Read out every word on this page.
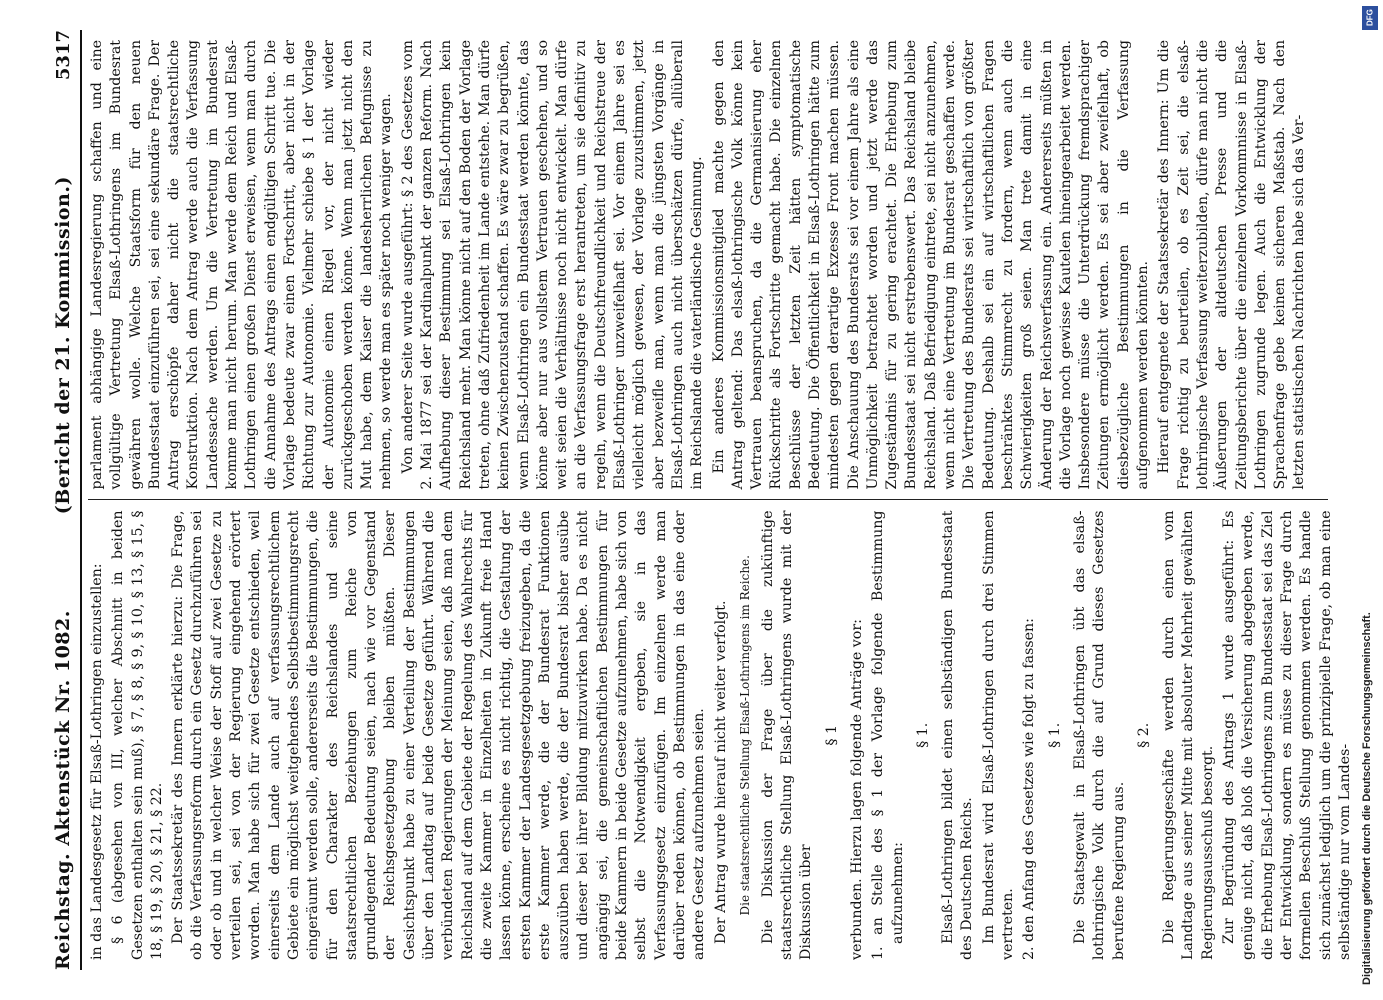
Reichstag. Aktenstück Nr. 1082.
(Bericht der 21. Kommission.)
5317

in das Landesgesetz für Elsaß-Lothringen einzustellen: § 6 (abgesehen von III, welcher Abschnitt in beiden Gesetzen enthalten sein muß), § 7, § 8, § 9, § 10, § 13, § 15, § 18, § 19, § 20, § 21, § 22. Der Staatssekretär des Innern erklärte hierzu: Die Frage, ob die Verfassungsreform durch ein Gesetz durchzuführen sei oder ob und in welcher Weise der Stoff auf zwei Gesetze zu verteilen sei, sei von der Regierung eingehend erörtert worden. Man habe sich für zwei Gesetze entschieden, weil einerseits dem Lande auch auf verfassungsrechtlichem Gebiete ein möglichst weitgehendes Selbstbestimmungsrecht eingeräumt werden solle, andererseits die Bestimmungen, die für den Charakter des Reichslandes und seine staatsrechtlichen Beziehungen zum Reiche von grundlegender Bedeutung seien, nach wie vor Gegenstand der Reichsgesetzgebung bleiben müßten. Dieser Gesichtspunkt habe zu einer Verteilung der Bestimmungen über den Landtag auf beide Gesetze geführt. Während die verbündeten Regierungen der Meinung seien, daß man dem Reichsland auf dem Gebiete der Regelung des Wahlrechts für die zweite Kammer in Einzelheiten in Zukunft freie Hand lassen könne, erscheine es nicht richtig, die Gestaltung der ersten Kammer der Landesgesetzgebung freizugeben, da die erste Kammer werde, die der Bundesrat Funktionen auszuüben haben werde, die der Bundesrat bisher ausübe und dieser bei ihrer Bildung mitzuwirken habe. Da es nicht angängig sei, die gemeinschaftlichen Bestimmungen für beide Kammern in beide Gesetze aufzunehmen, habe sich von selbst die Notwendigkeit ergeben, sie in das Verfassungsgesetz einzufügen. Im einzelnen werde man darüber reden können, ob Bestimmungen in das eine oder andere Gesetz aufzunehmen seien. Der Antrag wurde hierauf nicht weiter verfolgt. Die staatsrechtliche Stellung Elsaß-Lothringens im Reiche. Die Diskussion der Frage über die zukünftige staatsrechtliche Stellung Elsaß-Lothringens wurde mit der Diskussion über

§ 1 verbunden. Hierzu lagen folgende Anträge vor: 1. an Stelle des § 1 der Vorlage folgende Bestimmung aufzunehmen:

§ 1. Elsaß-Lothringen bildet einen selbständigen Bundesstaat des Deutschen Reichs. Im Bundesrat wird Elsaß-Lothringen durch drei Stimmen vertreten. 2. den Anfang des Gesetzes wie folgt zu fassen: § 1. Die Staatsgewalt in Elsaß-Lothringen übt das elsaß-lothringische Volk durch die auf Grund dieses Gesetzes berufene Regierung aus.

§ 2. Die Regierungsgeschäfte werden durch einen vom Landtage aus seiner Mitte mit absoluter Mehrheit gewählten Regierungsausschuß besorgt. Zur Begründung des Antrags 1 wurde ausgeführt: Es genüge nicht, daß bloß die Versicherung abgegeben werde, die Erhebung Elsaß-Lothringens zum Bundesstaat sei das Ziel der Entwicklung, sondern es müsse zu dieser Frage durch formellen Beschluß Stellung genommen werden. Es handle sich zunächst lediglich um die prinzipielle Frage, ob man eine selbständige nur vom Landes-

parlament abhängige Landesregierung schaffen und eine vollgültige Vertretung Elsaß-Lothringens im Bundesrat gewähren wolle. Welche Staatsform für den neuen Bundesstaat einzuführen sei, sei eine sekundäre Frage. Der Antrag erschöpfe daher nicht die staatsrechtliche Konstruktion. Nach dem Antrag werde auch die Verfassung Landessache werden. Um die Vertretung im Bundesrat komme man nicht herum. Man werde dem Reich und Elsaß-Lothringen einen großen Dienst erweisen, wenn man durch die Annahme des Antrags einen endgültigen Schritt tue. Die Vorlage bedeute zwar einen Fortschritt, aber nicht in der Richtung zur Autonomie. Vielmehr schiebe § 1 der Vorlage der Autonomie einen Riegel vor, der nicht wieder zurückgeschoben werden könne. Wenn man jetzt nicht den Mut habe, dem Kaiser die landesherrlichen Befugnisse zu nehmen, so werde man es später noch weniger wagen. Von anderer Seite wurde ausgeführt: § 2 des Gesetzes vom 2. Mai 1877 sei der Kardinalpunkt der ganzen Reform. Nach Aufhebung dieser Bestimmung sei Elsaß-Lothringen kein Reichsland mehr. Man könne nicht auf den Boden der Vorlage treten, ohne daß Zufriedenheit im Lande entstehe. Man dürfe keinen Zwischenzustand schaffen. Es wäre zwar zu begrüßen, wenn Elsaß-Lothringen ein Bundesstaat werden könnte, das könne aber nur aus vollstem Vertrauen geschehen, und so weit seien die Verhältnisse noch nicht entwickelt. Man dürfe an die Verfassungsfrage erst herantreten, um sie definitiv zu regeln, wenn die Deutschfreundlichkeit und Reichstreue der Elsaß-Lothringer unzweifelhaft sei. Vor einem Jahre sei es vielleicht möglich gewesen, der Vorlage zuzustimmen, jetzt aber bezweifle man, wenn man die jüngsten Vorgänge in Elsaß-Lothringen auch nicht überschätzen dürfe, allüberall im Reichslande die vaterländische Gesinnung. Ein anderes Kommissionsmitglied machte gegen den Antrag geltend: Das elsaß-lothringische Volk könne kein Vertrauen beanspruchen, da die Germanisierung eher Rückschritte als Fortschritte gemacht habe. Die einzelnen Beschlüsse der letzten Zeit hätten symptomatische Bedeutung. Die Öffentlichkeit in Elsaß-Lothringen hätte zum mindesten gegen derartige Exzesse Front machen müssen. Die Anschauung des Bundesrats sei vor einem Jahre als eine Unmöglichkeit betrachtet worden und jetzt werde das Zugeständnis für zu gering erachtet. Die Erhebung zum Bundesstaat sei nicht erstrebenswert. Das Reichsland bleibe Reichsland. Daß Befriedigung eintrete, sei nicht anzunehmen, wenn nicht eine Vertretung im Bundesrat geschaffen werde. Die Vertretung des Bundesrats sei wirtschaftlich von größter Bedeutung. Deshalb sei ein auf wirtschaftlichen Fragen beschränktes Stimmrecht zu fordern, wenn auch die Schwierigkeiten groß seien. Man trete damit in eine Änderung der Reichsverfassung ein. Andererseits müßten in die Vorlage noch gewisse Kautelen hineingearbeitet werden. Insbesondere müsse die Unterdrückung fremdsprachiger Zeitungen ermöglicht werden. Es sei aber zweifelhaft, ob diesbezügliche Bestimmungen in die Verfassung aufgenommen werden könnten. Hierauf entgegnete der Staatssekretär des Innern: Um die Frage richtig zu beurteilen, ob es Zeit sei, die elsaß-lothringische Verfassung weiterzubilden, dürfe man nicht die Äußerungen der altdeutschen Presse und die Zeitungsberichte über die einzelnen Vorkommnisse in Elsaß-Lothringen zugrunde legen. Auch die Entwicklung der Sprachenfrage gebe keinen sicheren Maßstab. Nach den letzten statistischen Nachrichten habe sich das Ver-

Digitalisierung gefördert durch die Deutsche Forschungsgemeinschaft.
DFG
